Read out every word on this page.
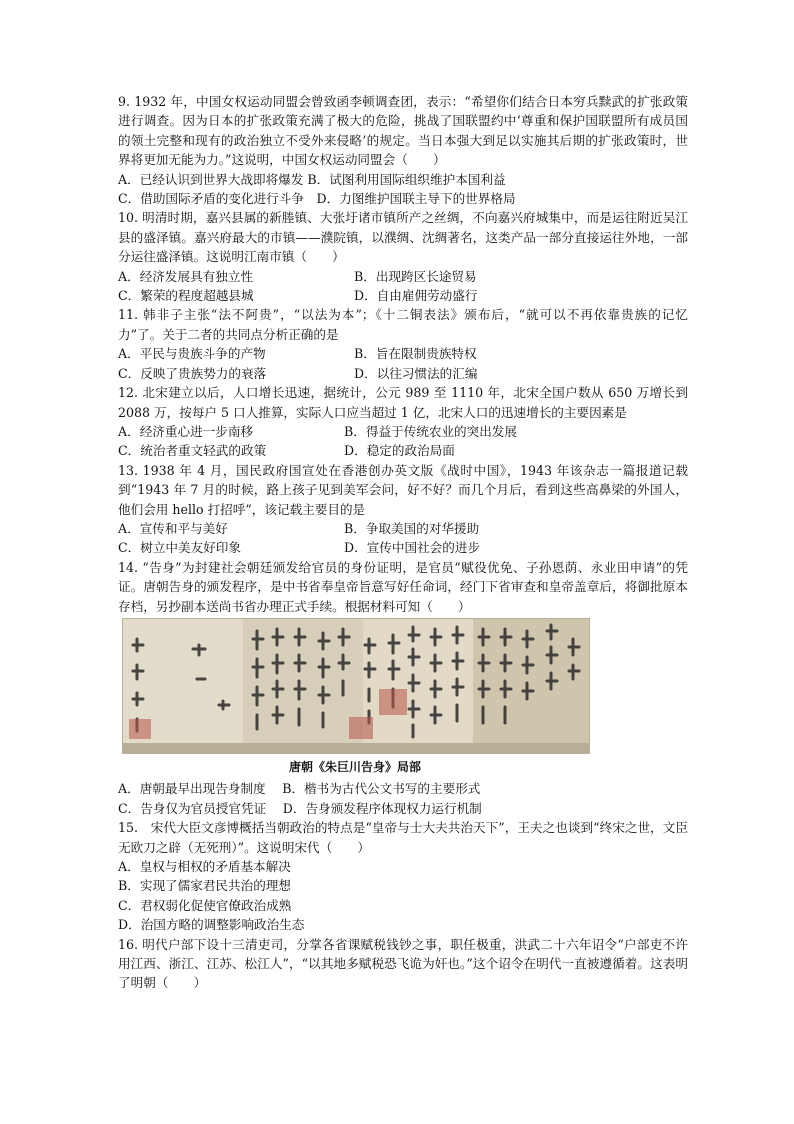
9. 1932 年，中国女权运动同盟会曾致函李顿调查团，表示：“希望你们结合日本穷兵黩武的扩张政策进行调查。因为日本的扩张政策充满了极大的危险，挑战了国联盟约中‘尊重和保护国联盟所有成员国的领土完整和现有的政治独立不受外来侵略’的规定。当日本强大到足以实施其后期的扩张政策时，世界将更加无能为力。”这说明，中国女权运动同盟会（　　）

A．已经认识到世界大战即将爆发 B．试图利用国际组织维护本国利益

C．借助国际矛盾的变化进行斗争　D．力图维护国联主导下的世界格局

10. 明清时期，嘉兴县属的新塍镇、大张圩诸市镇所产之丝绸，不向嘉兴府城集中，而是运往附近吴江县的盛泽镇。嘉兴府最大的市镇——濮院镇，以濮绸、沈绸著名，这类产品一部分直接运往外地，一部分运往盛泽镇。这说明江南市镇（　　）

A．经济发展具有独立性	B．出现跨区长途贸易
C．繁荣的程度超越县城	D．自由雇佣劳动盛行

11. 韩非子主张“法不阿贵”，“以法为本”；《十二铜表法》颁布后，“就可以不再依靠贵族的记忆力”了。关于二者的共同点分析正确的是

A．平民与贵族斗争的产物	B．旨在限制贵族特权
C．反映了贵族势力的衰落	D．以往习惯法的汇编

12. 北宋建立以后，人口增长迅速，据统计，公元 989 至 1110 年，北宋全国户数从 650 万增长到 2088 万，按每户 5 口人推算，实际人口应当超过 1 亿，北宋人口的迅速增长的主要因素是

A．经济重心进一步南移	B．得益于传统农业的突出发展
C．统治者重文轻武的政策	D．稳定的政治局面

13. 1938 年 4 月，国民政府国宣处在香港创办英文版《战时中国》，1943 年该杂志一篇报道记载到“1943 年 7 月的时候，路上孩子见到美军会问，好不好？而几个月后，看到这些高鼻梁的外国人，他们会用 hello 打招呼”，该记载主要目的是

A．宣传和平与美好	B．争取美国的对华援助
C．树立中美友好印象	D．宣传中国社会的进步

14. “告身”为封建社会朝廷颁发给官员的身份证明，是官员“赋役优免、子孙恩荫、永业田申请”的凭证。唐朝告身的颁发程序，是中书省奉皇帝旨意写好任命词，经门下省审查和皇帝盖章后，将御批原本存档，另抄副本送尚书省办理正式手续。根据材料可知（　　）

唐朝《朱巨川告身》局部

A．唐朝最早出现告身制度　 B．楷书为古代公文书写的主要形式

C．告身仅为官员授官凭证　 D．告身颁发程序体现权力运行机制

15.　宋代大臣文彦博概括当朝政治的特点是“皇帝与士大夫共治天下”，王夫之也谈到“终宋之世，文臣无欧刀之辟（无死刑）”。这说明宋代（　　）

A．皇权与相权的矛盾基本解决

B．实现了儒家君民共治的理想

C．君权弱化促使官僚政治成熟

D．治国方略的调整影响政治生态

16. 明代户部下设十三清吏司，分掌各省课赋税钱钞之事，职任极重，洪武二十六年诏令“户部吏不许用江西、浙江、江苏、松江人”，“以其地多赋税恐飞诡为奸也。”这个诏令在明代一直被遵循着。这表明了明朝（　　）
